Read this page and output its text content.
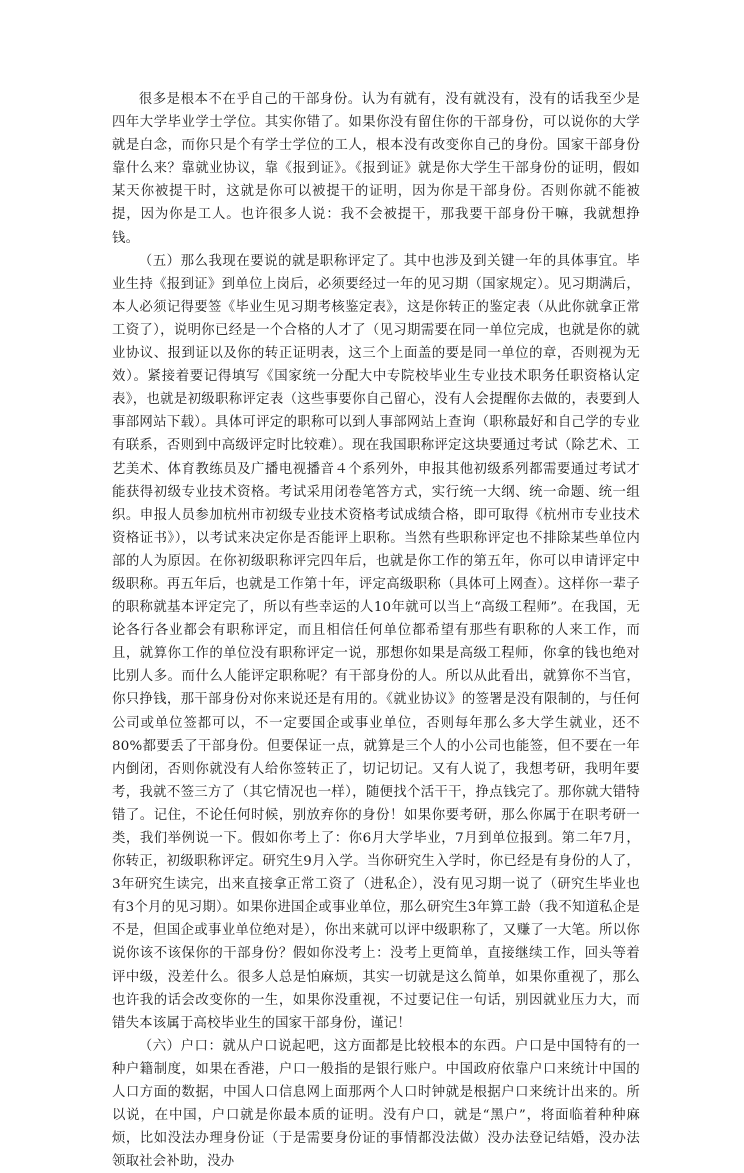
很多是根本不在乎自己的干部身份。认为有就有，没有就没有，没有的话我至少是四年大学毕业学士学位。其实你错了。如果你没有留住你的干部身份，可以说你的大学就是白念，而你只是个有学士学位的工人，根本没有改变你自己的身份。国家干部身份靠什么来？靠就业协议，靠《报到证》。《报到证》就是你大学生干部身份的证明，假如某天你被提干时，这就是你可以被提干的证明，因为你是干部身份。否则你就不能被提，因为你是工人。也许很多人说：我不会被提干，那我要干部身份干嘛，我就想挣钱。

（五）那么我现在要说的就是职称评定了。其中也涉及到关键一年的具体事宜。毕业生持《报到证》到单位上岗后，必须要经过一年的见习期（国家规定）。见习期满后，本人必须记得要签《毕业生见习期考核鉴定表》，这是你转正的鉴定表（从此你就拿正常工资了），说明你已经是一个合格的人才了（见习期需要在同一单位完成，也就是你的就业协议、报到证以及你的转正证明表，这三个上面盖的要是同一单位的章，否则视为无效）。紧接着要记得填写《国家统一分配大中专院校毕业生专业技术职务任职资格认定表》，也就是初级职称评定表（这些事要你自己留心，没有人会提醒你去做的，表要到人事部网站下载）。具体可评定的职称可以到人事部网站上查询（职称最好和自己学的专业有联系，否则到中高级评定时比较难）。现在我国职称评定这块要通过考试（除艺术、工艺美术、体育教练员及广播电视播音４个系列外，申报其他初级系列都需要通过考试才能获得初级专业技术资格。考试采用闭卷笔答方式，实行统一大纲、统一命题、统一组织。申报人员参加杭州市初级专业技术资格考试成绩合格，即可取得《杭州市专业技术资格证书》），以考试来决定你是否能评上职称。当然有些职称评定也不排除某些单位内部的人为原因。在你初级职称评完四年后，也就是你工作的第五年，你可以申请评定中级职称。再五年后，也就是工作第十年，评定高级职称（具体可上网查）。这样你一辈子的职称就基本评定完了，所以有些幸运的人10年就可以当上“高级工程师”。在我国，无论各行各业都会有职称评定，而且相信任何单位都希望有那些有职称的人来工作，而且，就算你工作的单位没有职称评定一说，那想你如果是高级工程师，你拿的钱也绝对比别人多。而什么人能评定职称呢？有干部身份的人。所以从此看出，就算你不当官，你只挣钱，那干部身份对你来说还是有用的。《就业协议》的签署是没有限制的，与任何公司或单位签都可以，不一定要国企或事业单位，否则每年那么多大学生就业，还不80%都要丢了干部身份。但要保证一点，就算是三个人的小公司也能签，但不要在一年内倒闭，否则你就没有人给你签转正了，切记切记。又有人说了，我想考研，我明年要考，我就不签三方了（其它情况也一样），随便找个活干干，挣点钱完了。那你就大错特错了。记住，不论任何时候，别放弃你的身份！如果你要考研，那么你属于在职考研一类，我们举例说一下。假如你考上了：你6月大学毕业，7月到单位报到。第二年7月，你转正，初级职称评定。研究生9月入学。当你研究生入学时，你已经是有身份的人了，3年研究生读完，出来直接拿正常工资了（进私企），没有见习期一说了（研究生毕业也有3个月的见习期）。如果你进国企或事业单位，那么研究生3年算工龄（我不知道私企是不是，但国企或事业单位绝对是），你出来就可以评中级职称了，又赚了一大笔。所以你说你该不该保你的干部身份？假如你没考上：没考上更简单，直接继续工作，回头等着评中级，没差什么。很多人总是怕麻烦，其实一切就是这么简单，如果你重视了，那么也许我的话会改变你的一生，如果你没重视，不过要记住一句话，别因就业压力大，而错失本该属于高校毕业生的国家干部身份，谨记！

（六）户口：就从户口说起吧，这方面都是比较根本的东西。户口是中国特有的一种户籍制度，如果在香港，户口一般指的是银行账户。中国政府依靠户口来统计中国的人口方面的数据，中国人口信息网上面那两个人口时钟就是根据户口来统计出来的。所以说，在中国，户口就是你最本质的证明。没有户口，就是“黑户”，将面临着种种麻烦，比如没法办理身份证（于是需要身份证的事情都没法做）没办法登记结婚，没办法领取社会补助，没办
